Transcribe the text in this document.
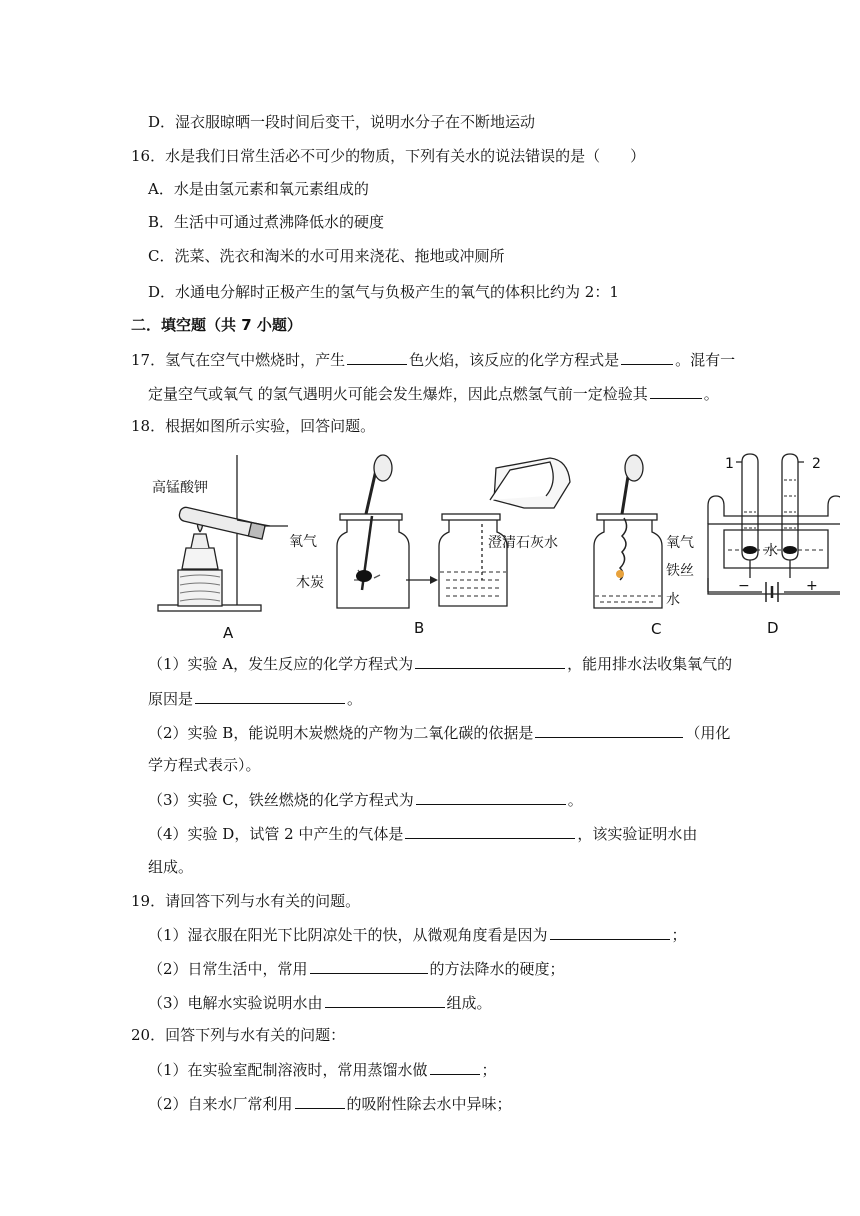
D．湿衣服晾晒一段时间后变干，说明水分子在不断地运动
16．水是我们日常生活必不可少的物质，下列有关水的说法错误的是（　　）
A．水是由氢元素和氧元素组成的
B．生活中可通过煮沸降低水的硬度
C．洗菜、洗衣和淘米的水可用来浇花、拖地或冲厕所
D．水通电分解时正极产生的氢气与负极产生的氧气的体积比约为 2：1
二．填空题（共 7 小题）
17．氢气在空气中燃烧时，产生	色火焰，该反应的化学方程式是	。混有一
定量空气或氧气 的氢气遇明火可能会发生爆炸，因此点燃氢气前一定检验其	。
18．根据如图所示实验，回答问题。
高锰酸钾
A
氧气
木炭
B
澄清石灰水	氧气
铁丝
水
C
1	2
水
−	+
D
（1）实验 A，发生反应的化学方程式为	，能用排水法收集氧气的
原因是	。
（2）实验 B，能说明木炭燃烧的产物为二氧化碳的依据是	（用化
学方程式表示）。
（3）实验 C，铁丝燃烧的化学方程式为	。
（4）实验 D，试管 2 中产生的气体是	，该实验证明水由
组成。
19．请回答下列与水有关的问题。
（1）湿衣服在阳光下比阴凉处干的快，从微观角度看是因为	；
（2）日常生活中，常用	的方法降水的硬度；
（3）电解水实验说明水由	组成。
20．回答下列与水有关的问题：
（1）在实验室配制溶液时，常用蒸馏水做	；
（2）自来水厂常利用	的吸附性除去水中异味；
